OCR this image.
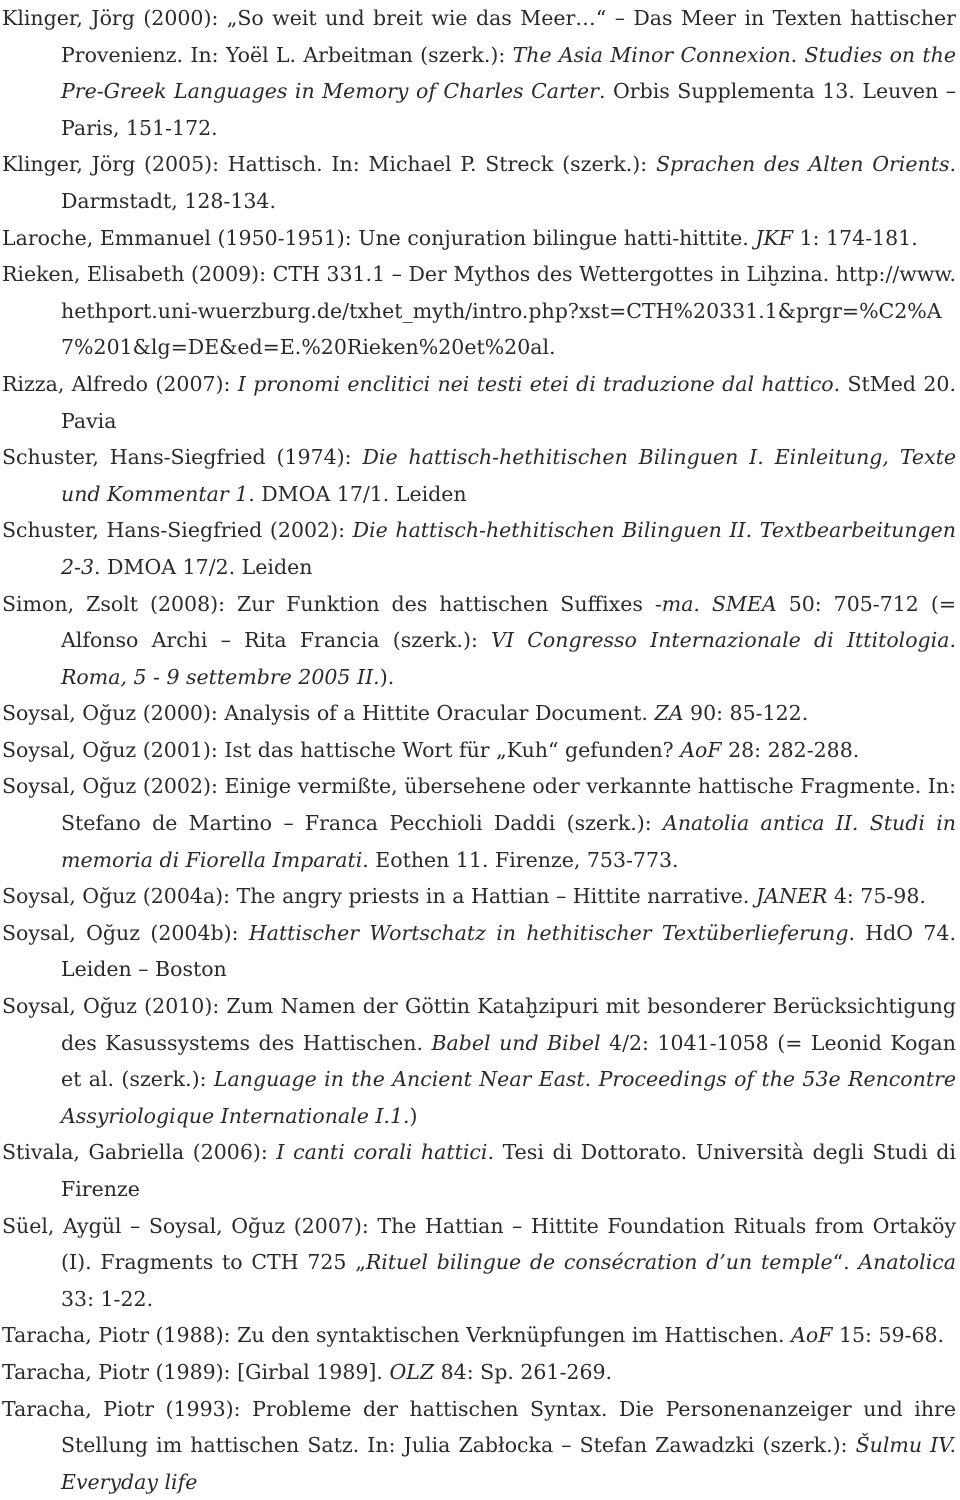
Klinger, Jörg (2000): „So weit und breit wie das Meer…“ – Das Meer in Texten hattischer Provenienz. In: Yoël L. Arbeitman (szerk.): The Asia Minor Connexion. Studies on the Pre-Greek Languages in Memory of Charles Carter. Orbis Supplementa 13. Leuven – Paris, 151-172.

Klinger, Jörg (2005): Hattisch. In: Michael P. Streck (szerk.): Sprachen des Alten Orients. Darmstadt, 128-134.

Laroche, Emmanuel (1950-1951): Une conjuration bilingue hatti-hittite. JKF 1: 174-181.

Rieken, Elisabeth (2009): CTH 331.1 – Der Mythos des Wettergottes in Liḫzina. http://www.hethport.uni-wuerzburg.de/txhet_myth/intro.php?xst=CTH%20331.1&prgr=%C2%A7%201&lg=DE&ed=E.%20Rieken%20et%20al.

Rizza, Alfredo (2007): I pronomi enclitici nei testi etei di traduzione dal hattico. StMed 20. Pavia

Schuster, Hans-Siegfried (1974): Die hattisch-hethitischen Bilinguen I. Einleitung, Texte und Kommentar 1. DMOA 17/1. Leiden

Schuster, Hans-Siegfried (2002): Die hattisch-hethitischen Bilinguen II. Textbearbeitungen 2-3. DMOA 17/2. Leiden

Simon, Zsolt (2008): Zur Funktion des hattischen Suffixes -ma. SMEA 50: 705-712 (= Alfonso Archi – Rita Francia (szerk.): VI Congresso Internazionale di Ittitologia. Roma, 5 - 9 settembre 2005 II.).

Soysal, Oğuz (2000): Analysis of a Hittite Oracular Document. ZA 90: 85-122.

Soysal, Oğuz (2001): Ist das hattische Wort für „Kuh“ gefunden? AoF 28: 282-288.

Soysal, Oğuz (2002): Einige vermißte, übersehene oder verkannte hattische Fragmente. In: Stefano de Martino – Franca Pecchioli Daddi (szerk.): Anatolia antica II. Studi in memoria di Fiorella Imparati. Eothen 11. Firenze, 753-773.

Soysal, Oğuz (2004a): The angry priests in a Hattian – Hittite narrative. JANER 4: 75-98.

Soysal, Oğuz (2004b): Hattischer Wortschatz in hethitischer Textüberlieferung. HdO 74. Leiden – Boston

Soysal, Oğuz (2010): Zum Namen der Göttin Kataḫzipuri mit besonderer Berücksichtigung des Kasussystems des Hattischen. Babel und Bibel 4/2: 1041-1058 (= Leonid Kogan et al. (szerk.): Language in the Ancient Near East. Proceedings of the 53e Rencontre Assyriologique Internationale I.1.)

Stivala, Gabriella (2006): I canti corali hattici. Tesi di Dottorato. Università degli Studi di Firenze

Süel, Aygül – Soysal, Oğuz (2007): The Hattian – Hittite Foundation Rituals from Ortaköy (I). Fragments to CTH 725 „Rituel bilingue de consécration d’un temple“. Anatolica 33: 1-22.

Taracha, Piotr (1988): Zu den syntaktischen Verknüpfungen im Hattischen. AoF 15: 59-68.

Taracha, Piotr (1989): [Girbal 1989]. OLZ 84: Sp. 261-269.

Taracha, Piotr (1993): Probleme der hattischen Syntax. Die Personenanzeiger und ihre Stellung im hattischen Satz. In: Julia Zabłocka – Stefan Zawadzki (szerk.): Šulmu IV. Everyday life
